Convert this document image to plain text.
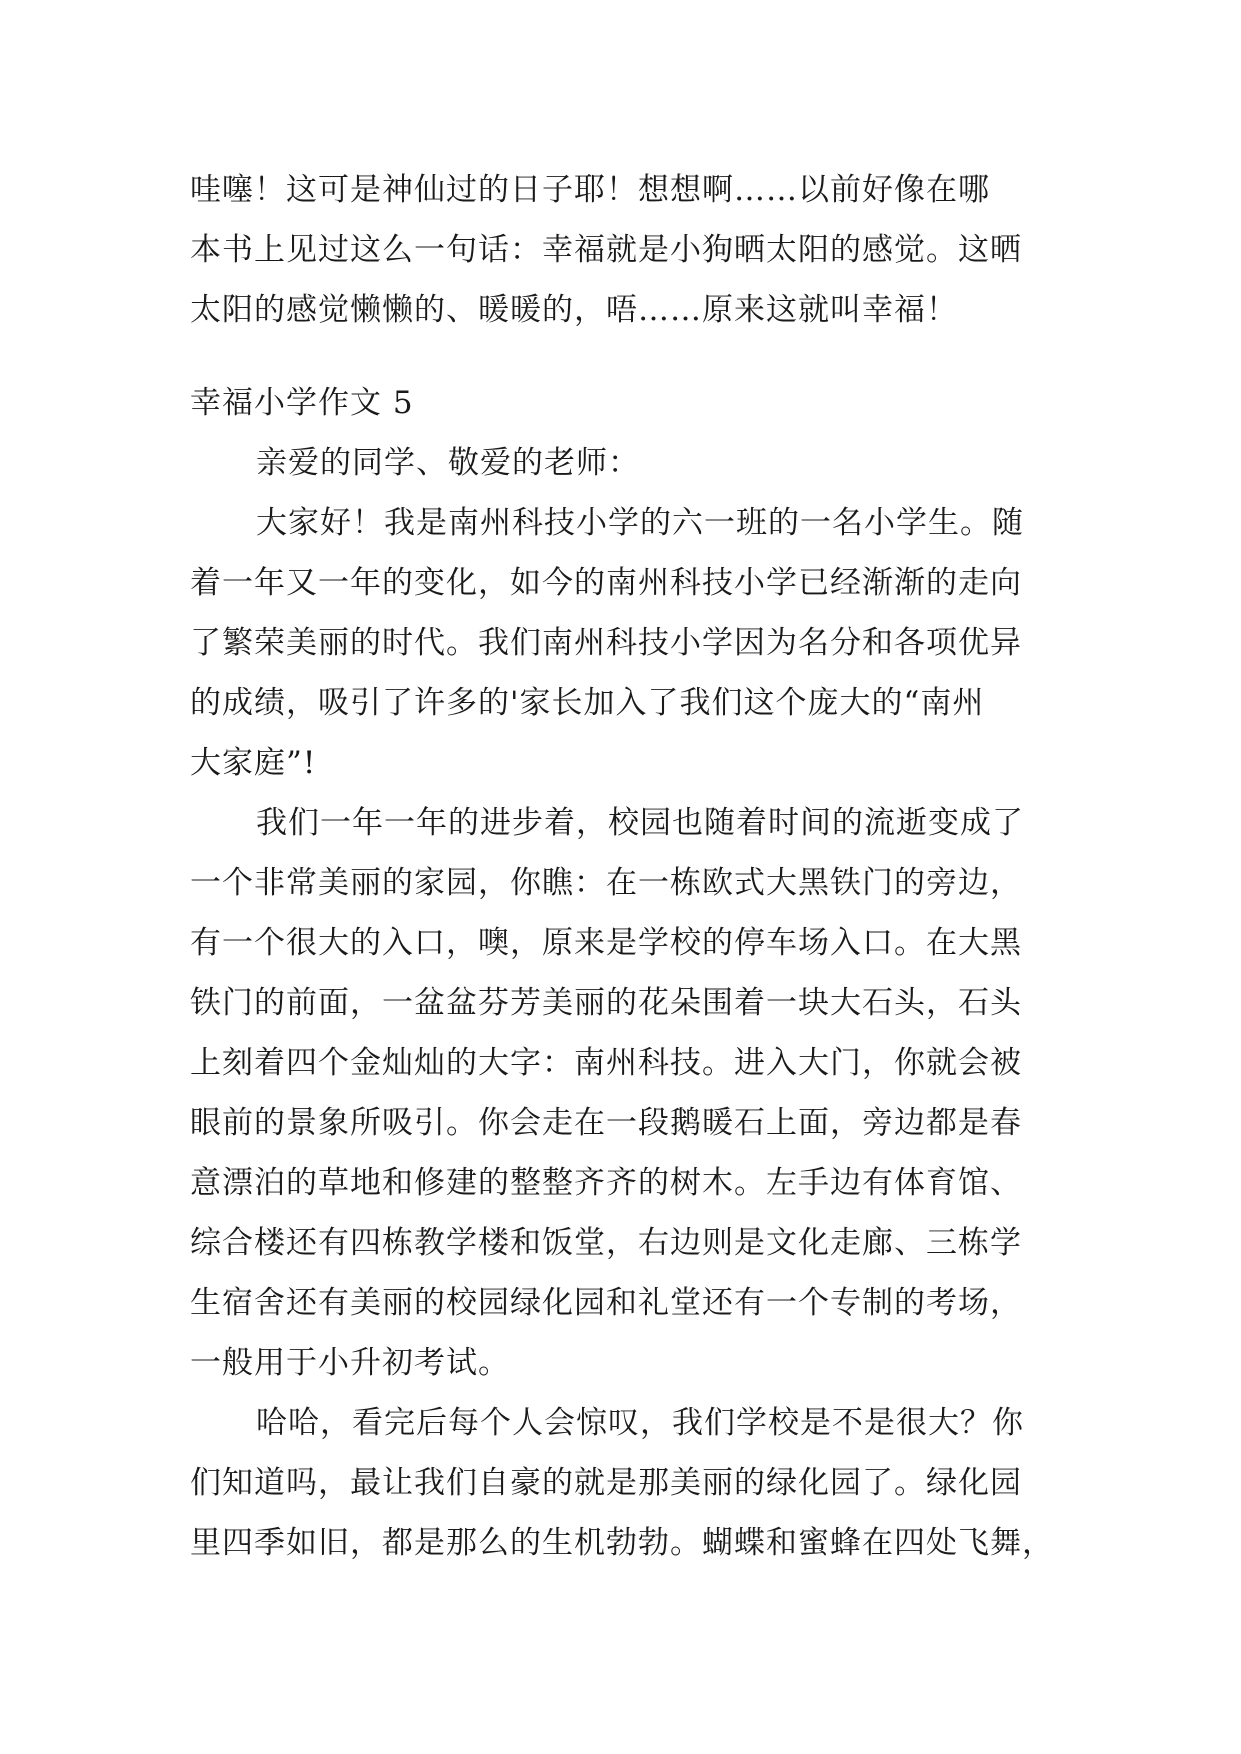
哇噻！这可是神仙过的日子耶！想想啊……以前好像在哪
本书上见过这么一句话：幸福就是小狗晒太阳的感觉。这晒
太阳的感觉懒懒的、暖暖的，唔……原来这就叫幸福！
幸福小学作文 5
亲爱的同学、敬爱的老师：
大家好！我是南州科技小学的六一班的一名小学生。随
着一年又一年的变化，如今的南州科技小学已经渐渐的走向
了繁荣美丽的时代。我们南州科技小学因为名分和各项优异
的成绩，吸引了许多的'家长加入了我们这个庞大的“南州
大家庭”!
我们一年一年的进步着，校园也随着时间的流逝变成了
一个非常美丽的家园，你瞧：在一栋欧式大黑铁门的旁边，
有一个很大的入口，噢，原来是学校的停车场入口。在大黑
铁门的前面，一盆盆芬芳美丽的花朵围着一块大石头，石头
上刻着四个金灿灿的大字：南州科技。进入大门，你就会被
眼前的景象所吸引。你会走在一段鹅暖石上面，旁边都是春
意漂泊的草地和修建的整整齐齐的树木。左手边有体育馆、
综合楼还有四栋教学楼和饭堂，右边则是文化走廊、三栋学
生宿舍还有美丽的校园绿化园和礼堂还有一个专制的考场，
一般用于小升初考试。
哈哈，看完后每个人会惊叹，我们学校是不是很大？你
们知道吗，最让我们自豪的就是那美丽的绿化园了。绿化园
里四季如旧，都是那么的生机勃勃。蝴蝶和蜜蜂在四处飞舞，
